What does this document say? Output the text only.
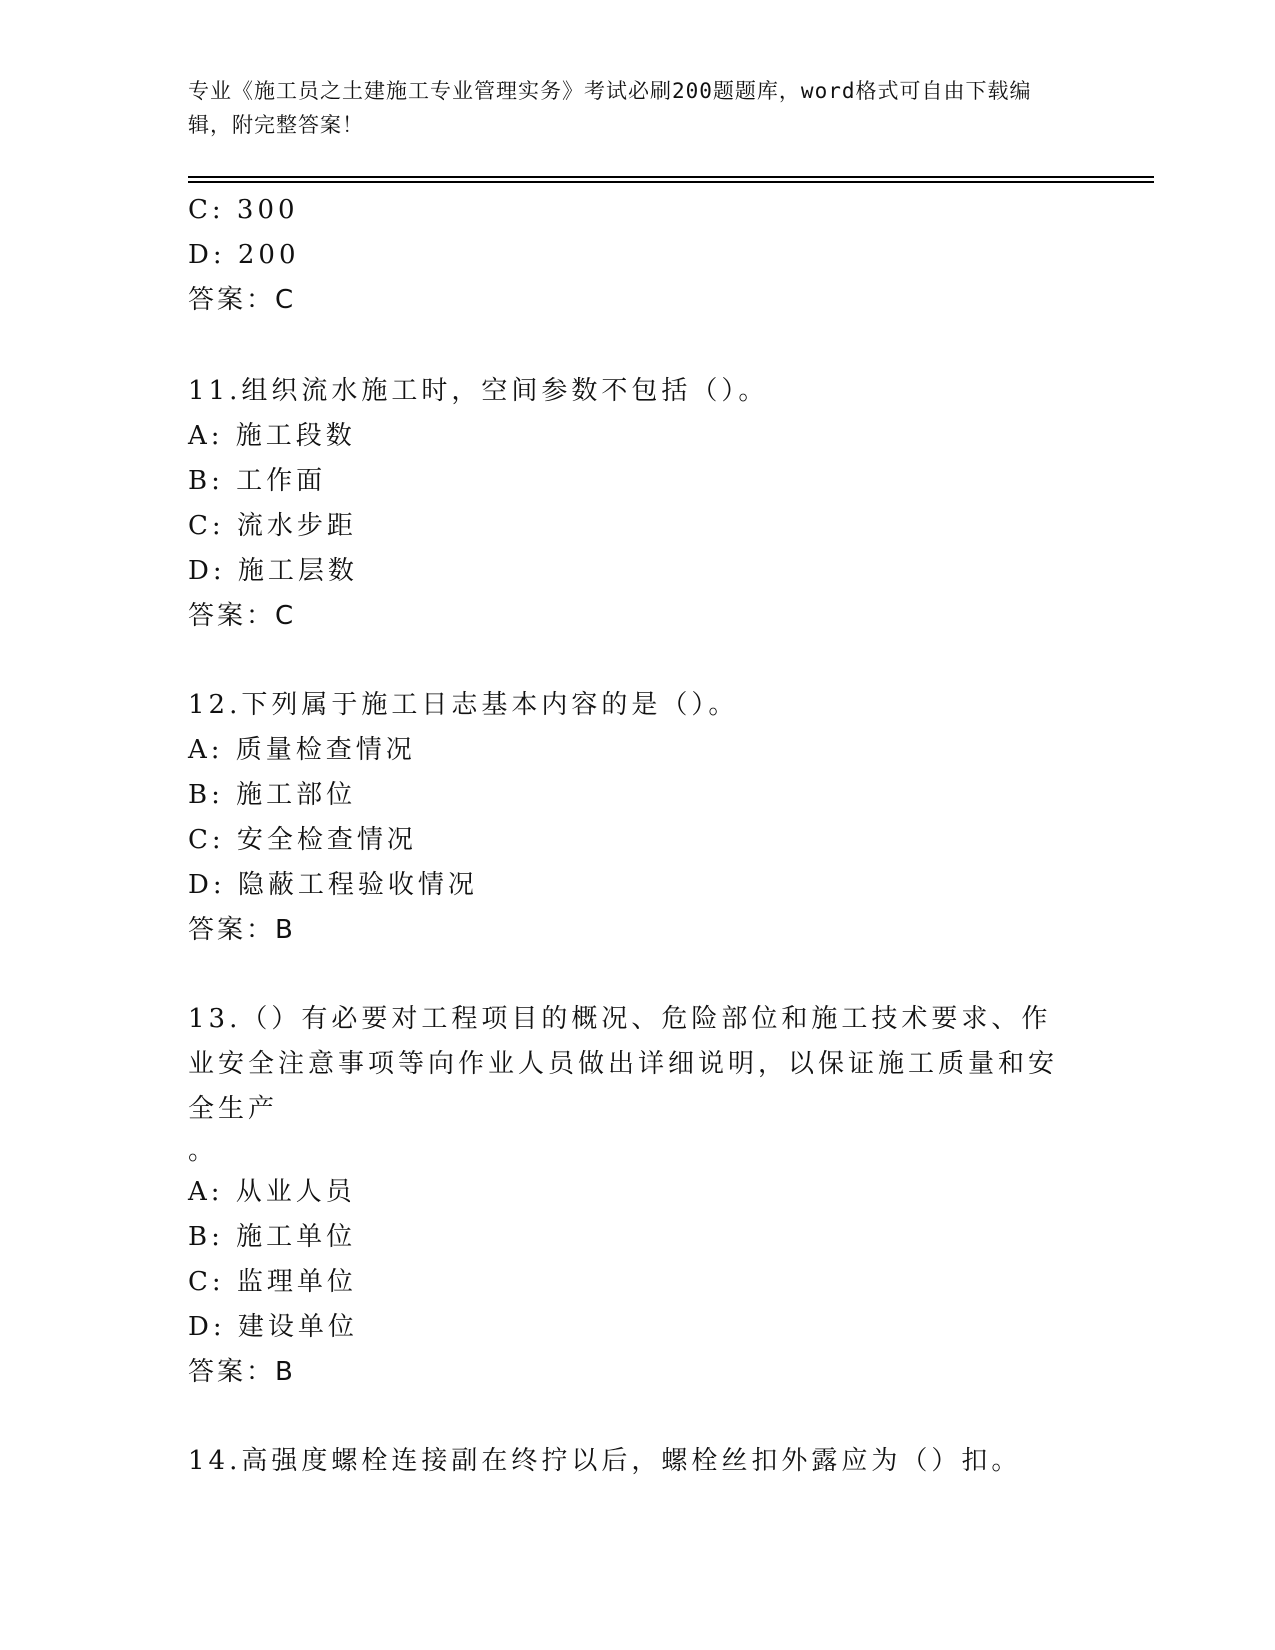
专业《施工员之土建施工专业管理实务》考试必刷200题题库，word格式可自由下载编辑，附完整答案！
C: 300
D: 200
答案：C
11.组织流水施工时，空间参数不包括（）。
A: 施工段数
B: 工作面
C: 流水步距
D: 施工层数
答案：C
12.下列属于施工日志基本内容的是（）。
A: 质量检查情况
B: 施工部位
C: 安全检查情况
D: 隐蔽工程验收情况
答案：B
13.（）有必要对工程项目的概况、危险部位和施工技术要求、作业安全注意事项等向作业人员做出详细说明，以保证施工质量和安全生产
。
A: 从业人员
B: 施工单位
C: 监理单位
D: 建设单位
答案：B
14.高强度螺栓连接副在终拧以后，螺栓丝扣外露应为（）扣。
